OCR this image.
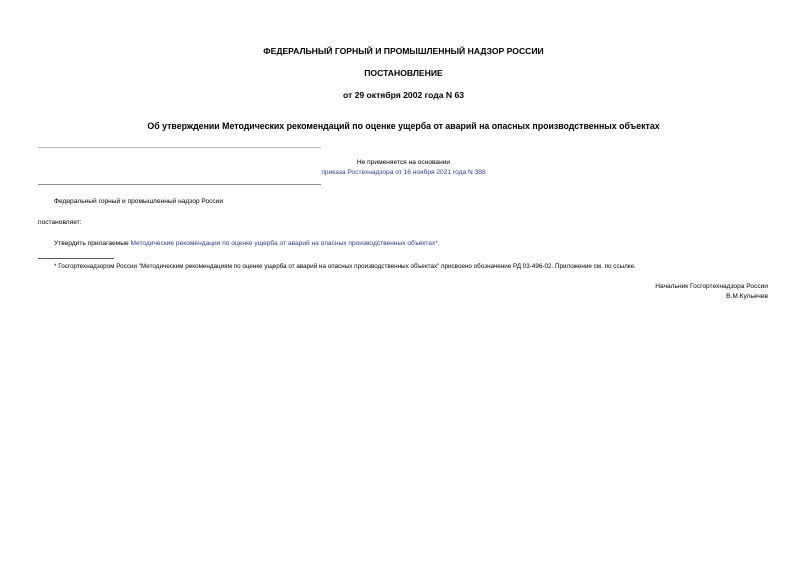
ФЕДЕРАЛЬНЫЙ ГОРНЫЙ И ПРОМЫШЛЕННЫЙ НАДЗОР РОССИИ
ПОСТАНОВЛЕНИЕ
от 29 октября 2002 года N 63
Об утверждении Методических рекомендаций по оценке ущерба от аварий на опасных производственных объектах
Не применяется на основании
приказа Ростехнадзора от 16 ноября 2021 года N 388
Федеральный горный и промышленный надзор России
постановляет:
Утвердить прилагаемые Методические рекомендации по оценке ущерба от аварий на опасных производственных объектах*.
* Госгортехнадзором России "Методическим рекомендациям по оценке ущерба от аварий на опасных производственных объектах" присвоено обозначение РД 03-496-02. Приложение см. по ссылке.
Начальник Госгортехнадзора России
В.М.Кульечев
